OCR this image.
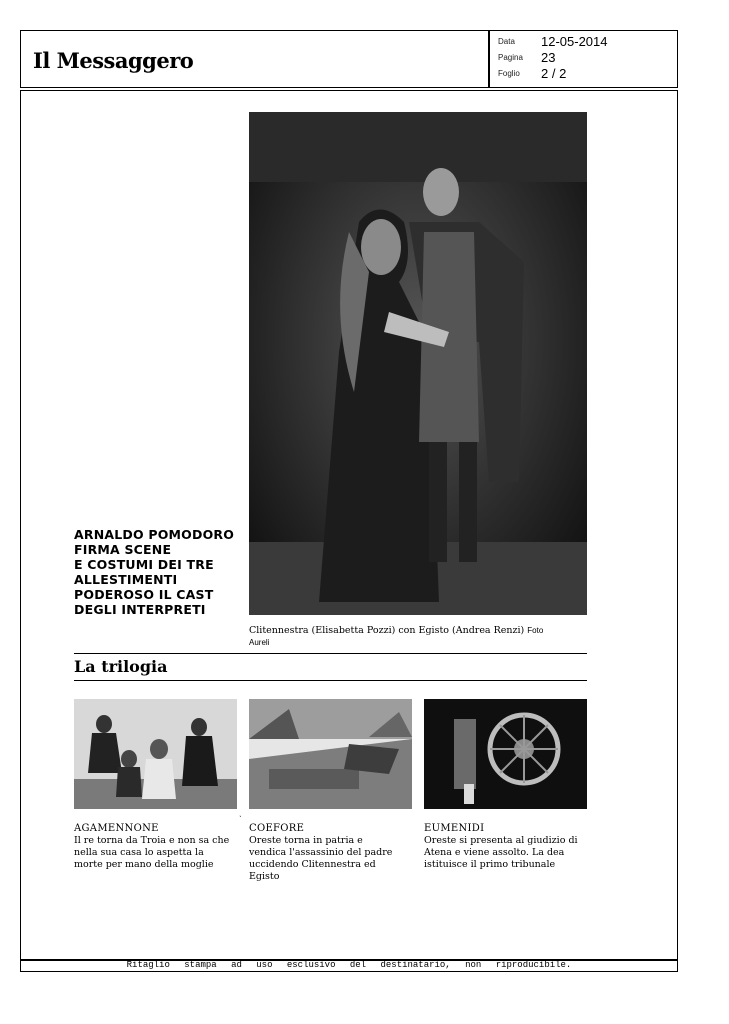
Il Messaggero
Data 12-05-2014
Pagina 23
Foglio 2 / 2
ARNALDO POMODORO
FIRMA SCENE
E COSTUMI DEI TRE
ALLESTIMENTI
PODEROSO IL CAST
DEGLI INTERPRETI
Clitennestra (Elisabetta Pozzi) con Egisto (Andrea Renzi) Foto
Aureli
La trilogia
ˋ
AGAMENNONE
Il re torna da Troia e non sa che
nella sua casa lo aspetta la
morte per mano della moglie
COEFORE
Oreste torna in patria e
vendica l'assassinio del padre
uccidendo Clitennestra ed
Egisto
EUMENIDI
Oreste si presenta al giudizio di
Atena e viene assolto. La dea
istituisce il primo tribunale
Ritaglio stampa ad uso esclusivo del destinatario, non riproducibile.
